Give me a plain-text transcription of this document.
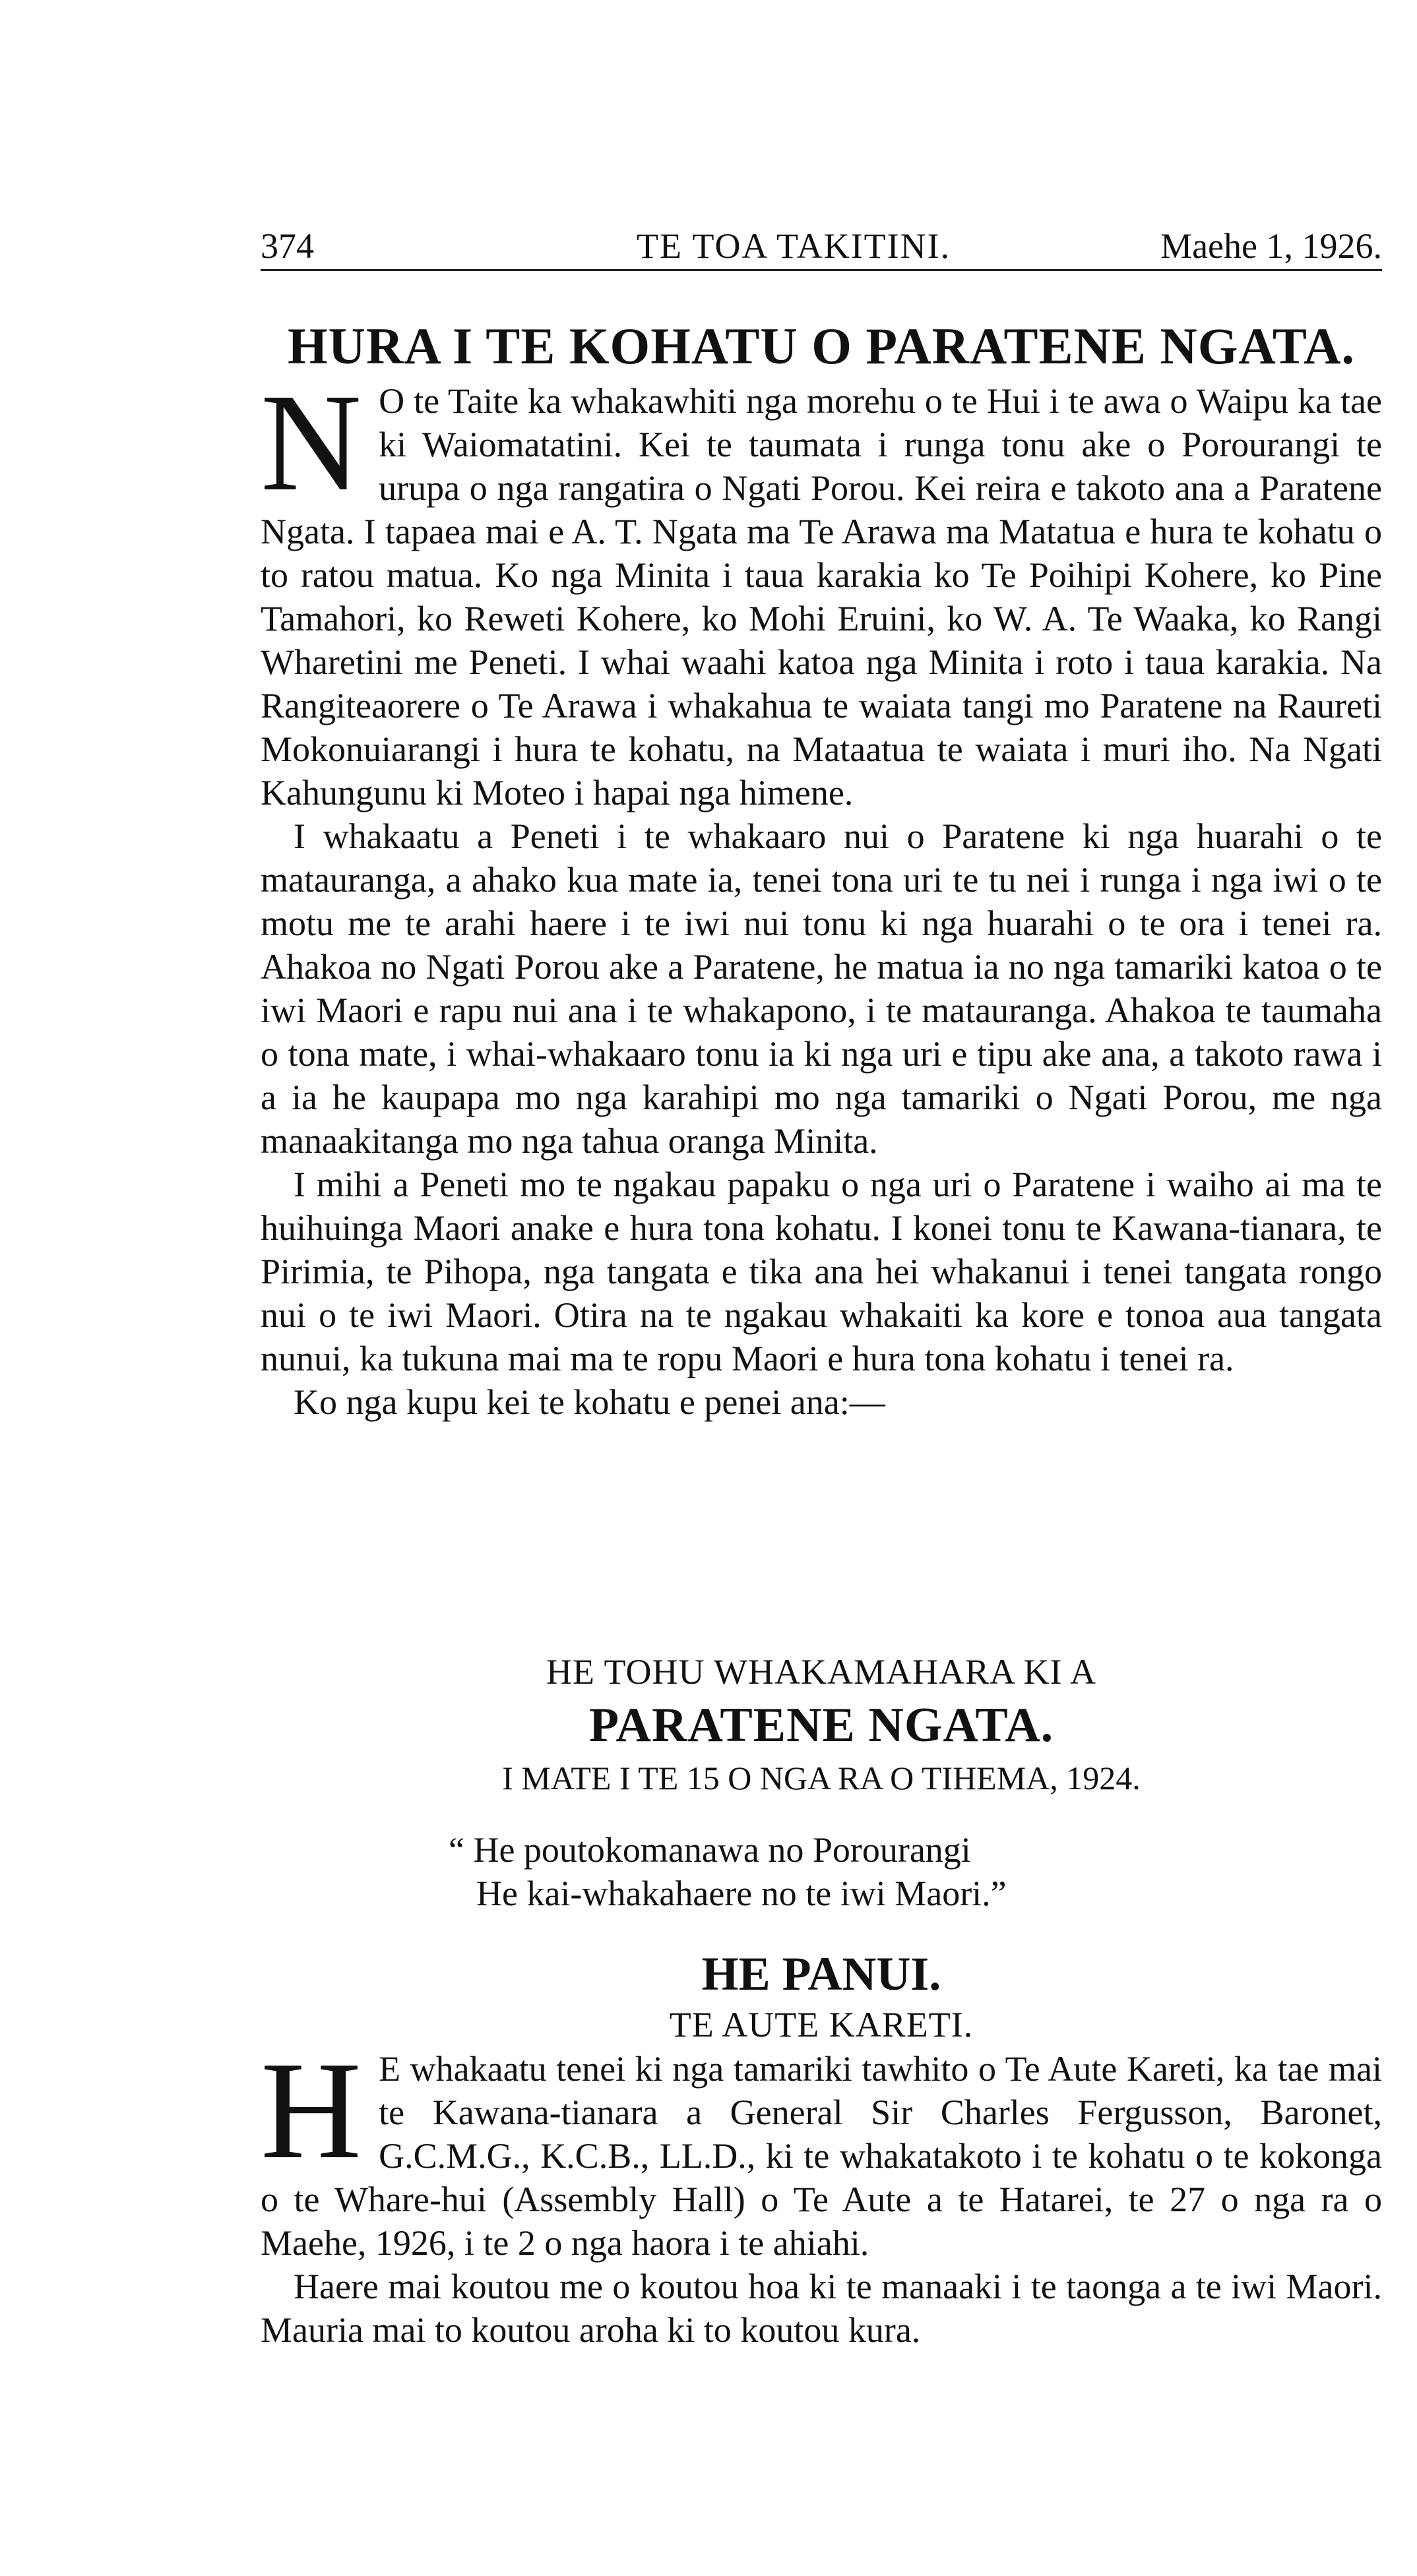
374	TE TOA TAKITINI.	Maehe 1, 1926.
HURA I TE KOHATU O PARATENE NGATA.

N O te Taite ka whakawhiti nga morehu o te Hui i te awa o Waipu ka tae ki Waiomatatini. Kei te taumata i runga tonu ake o Porourangi te urupa o nga rangatira o Ngati Porou. Kei reira e takoto ana a Paratene Ngata. I tapaea mai e A. T. Ngata ma Te Arawa ma Matatua e hura te kohatu o to ratou matua. Ko nga Minita i taua karakia ko Te Poihipi Kohere, ko Pine Tamahori, ko Reweti Kohere, ko Mohi Eruini, ko W. A. Te Waaka, ko Rangi Wharetini me Peneti. I whai waahi katoa nga Minita i roto i taua karakia. Na Rangiteaorere o Te Arawa i whakahua te waiata tangi mo Paratene na Raureti Mokonuiarangi i hura te kohatu, na Mataatua te waiata i muri iho. Na Ngati Kahungunu ki Moteo i hapai nga himene.

I whakaatu a Peneti i te whakaaro nui o Paratene ki nga huarahi o te matauranga, a ahako kua mate ia, tenei tona uri te tu nei i runga i nga iwi o te motu me te arahi haere i te iwi nui tonu ki nga huarahi o te ora i tenei ra. Ahakoa no Ngati Porou ake a Paratene, he matua ia no nga tamariki katoa o te iwi Maori e rapu nui ana i te whakapono, i te matauranga. Ahakoa te taumaha o tona mate, i whai-whakaaro tonu ia ki nga uri e tipu ake ana, a takoto rawa i a ia he kaupapa mo nga karahipi mo nga tamariki o Ngati Porou, me nga manaakitanga mo nga tahua oranga Minita.

I mihi a Peneti mo te ngakau papaku o nga uri o Paratene i waiho ai ma te huihuinga Maori anake e hura tona kohatu. I konei tonu te Kawana-tianara, te Pirimia, te Pihopa, nga tangata e tika ana hei whakanui i tenei tangata rongo nui o te iwi Maori. Otira na te ngakau whakaiti ka kore e tonoa aua tangata nunui, ka tukuna mai ma te ropu Maori e hura tona kohatu i tenei ra.

Ko nga kupu kei te kohatu e penei ana:—

HE TOHU WHAKAMAHARA KI A
PARATENE NGATA.
I MATE I TE 15 O NGA RA O TIHEMA, 1924.
“ He poutokomanawa no Porourangi
He kai-whakahaere no te iwi Maori.”
HE PANUI.
TE AUTE KARETI.

H E whakaatu tenei ki nga tamariki tawhito o Te Aute Kareti, ka tae mai te Kawana-tianara a General Sir Charles Fergusson, Baronet, G.C.M.G., K.C.B., LL.D., ki te whakatakoto i te kohatu o te kokonga o te Whare-hui (Assembly Hall) o Te Aute a te Hatarei, te 27 o nga ra o Maehe, 1926, i te 2 o nga haora i te ahiahi.

Haere mai koutou me o koutou hoa ki te manaaki i te taonga a te iwi Maori. Mauria mai to koutou aroha ki to koutou kura.
